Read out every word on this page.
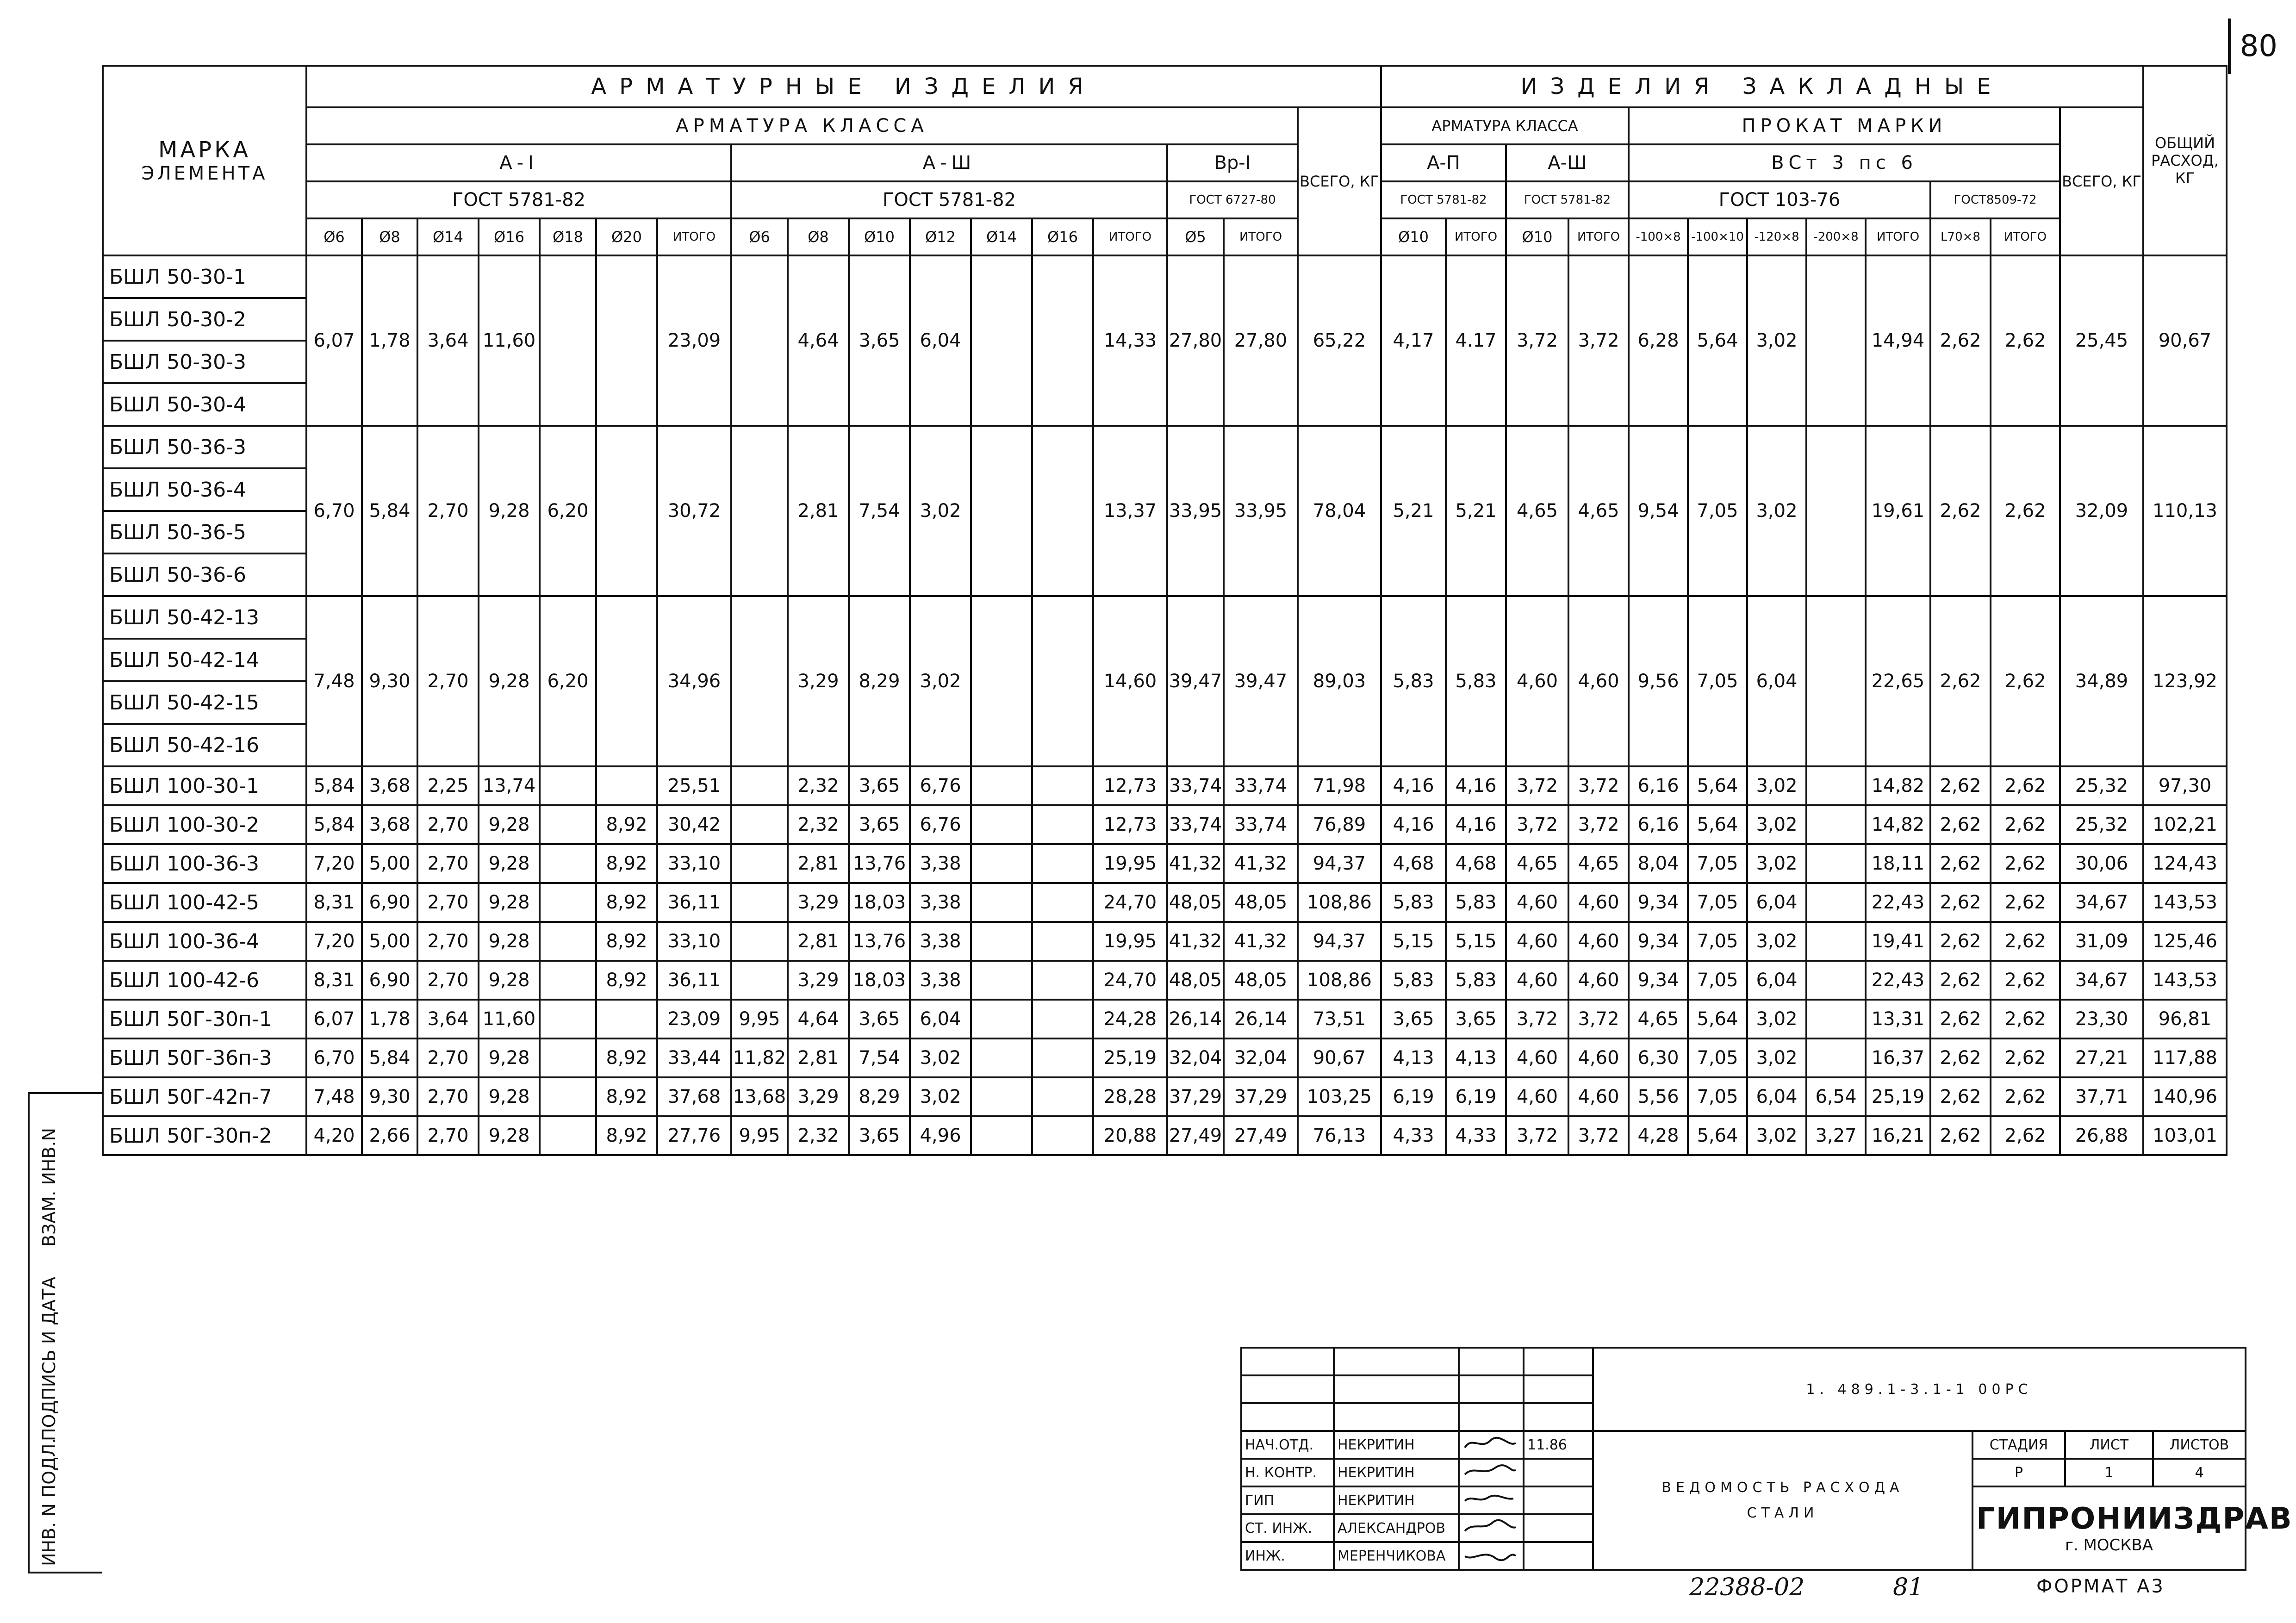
80
ВЗАМ. ИНВ.N
ПОДПИСЬ И ДАТА
ИНВ. N ПОДЛ.
МАРКА
ЭЛЕМЕНТА	АРМАТУРНЫЕ ИЗДЕЛИЯ																	ИЗДЕЛИЯ ЗАКЛАДНЫЕ												ОБЩИЙ РАСХОД, КГ
	АРМАТУРА КЛАССА																ВСЕГО, КГ	АРМАТУРА КЛАССА				ПРОКАТ МАРКИ							ВСЕГО, КГ	
	А-I							А-Ш							Вр-I			А-П		А-Ш		ВСт 3 пс 6								
	ГОСТ 5781-82							ГОСТ 5781-82							ГОСТ 6727-80			ГОСТ 5781-82		ГОСТ 5781-82		ГОСТ 103-76					ГОСТ8509-72			
	Ø6	Ø8	Ø14	Ø16	Ø18	Ø20	ИТОГО	Ø6	Ø8	Ø10	Ø12	Ø14	Ø16	ИТОГО	Ø5	ИТОГО		Ø10	ИТОГО	Ø10	ИТОГО	-100×8	-100×10	-120×8	-200×8	ИТОГО	L70×8	ИТОГО		
БШЛ 50-30-1	6,07	1,78	3,64	11,60			23,09		4,64	3,65	6,04			14,33	27,80	27,80	65,22	4,17	4.17	3,72	3,72	6,28	5,64	3,02		14,94	2,62	2,62	25,45	90,67
БШЛ 50-30-2																														
БШЛ 50-30-3																														
БШЛ 50-30-4																														
БШЛ 50-36-3	6,70	5,84	2,70	9,28	6,20		30,72		2,81	7,54	3,02			13,37	33,95	33,95	78,04	5,21	5,21	4,65	4,65	9,54	7,05	3,02		19,61	2,62	2,62	32,09	110,13
БШЛ 50-36-4																														
БШЛ 50-36-5																														
БШЛ 50-36-6																														
БШЛ 50-42-13	7,48	9,30	2,70	9,28	6,20		34,96		3,29	8,29	3,02			14,60	39,47	39,47	89,03	5,83	5,83	4,60	4,60	9,56	7,05	6,04		22,65	2,62	2,62	34,89	123,92
БШЛ 50-42-14																														
БШЛ 50-42-15																														
БШЛ 50-42-16																														
БШЛ 100-30-1	5,84	3,68	2,25	13,74			25,51		2,32	3,65	6,76			12,73	33,74	33,74	71,98	4,16	4,16	3,72	3,72	6,16	5,64	3,02		14,82	2,62	2,62	25,32	97,30
БШЛ 100-30-2	5,84	3,68	2,70	9,28		8,92	30,42		2,32	3,65	6,76			12,73	33,74	33,74	76,89	4,16	4,16	3,72	3,72	6,16	5,64	3,02		14,82	2,62	2,62	25,32	102,21
БШЛ 100-36-3	7,20	5,00	2,70	9,28		8,92	33,10		2,81	13,76	3,38			19,95	41,32	41,32	94,37	4,68	4,68	4,65	4,65	8,04	7,05	3,02		18,11	2,62	2,62	30,06	124,43
БШЛ 100-42-5	8,31	6,90	2,70	9,28		8,92	36,11		3,29	18,03	3,38			24,70	48,05	48,05	108,86	5,83	5,83	4,60	4,60	9,34	7,05	6,04		22,43	2,62	2,62	34,67	143,53
БШЛ 100-36-4	7,20	5,00	2,70	9,28		8,92	33,10		2,81	13,76	3,38			19,95	41,32	41,32	94,37	5,15	5,15	4,60	4,60	9,34	7,05	3,02		19,41	2,62	2,62	31,09	125,46
БШЛ 100-42-6	8,31	6,90	2,70	9,28		8,92	36,11		3,29	18,03	3,38			24,70	48,05	48,05	108,86	5,83	5,83	4,60	4,60	9,34	7,05	6,04		22,43	2,62	2,62	34,67	143,53
БШЛ 50Г-30п-1	6,07	1,78	3,64	11,60			23,09	9,95	4,64	3,65	6,04			24,28	26,14	26,14	73,51	3,65	3,65	3,72	3,72	4,65	5,64	3,02		13,31	2,62	2,62	23,30	96,81
БШЛ 50Г-36п-3	6,70	5,84	2,70	9,28		8,92	33,44	11,82	2,81	7,54	3,02			25,19	32,04	32,04	90,67	4,13	4,13	4,60	4,60	6,30	7,05	3,02		16,37	2,62	2,62	27,21	117,88
БШЛ 50Г-42п-7	7,48	9,30	2,70	9,28		8,92	37,68	13,68	3,29	8,29	3,02			28,28	37,29	37,29	103,25	6,19	6,19	4,60	4,60	5,56	7,05	6,04	6,54	25,19	2,62	2,62	37,71	140,96
БШЛ 50Г-30п-2	4,20	2,66	2,70	9,28		8,92	27,76	9,95	2,32	3,65	4,96			20,88	27,49	27,49	76,13	4,33	4,33	3,72	3,72	4,28	5,64	3,02	3,27	16,21	2,62	2,62	26,88	103,01
				1. 489.1-3.1-1 00РС			

НАЧ.ОТД.	НЕКРИТИН		11.86	ВЕДОМОСТЬ РАСХОДА
СТАЛИ	СТАДИЯ	ЛИСТ	ЛИСТОВ
Н. КОНТР.	НЕКРИТИН				Р	1	4
ГИП	НЕКРИТИН				ГИПРОНИИЗДРАВ
г. МОСКВА		

СТ. ИНЖ.	АЛЕКСАНДРОВ		
ИНЖ.	МЕРЕНЧИКОВА		
22388-02	81	ФОРМАТ А3
